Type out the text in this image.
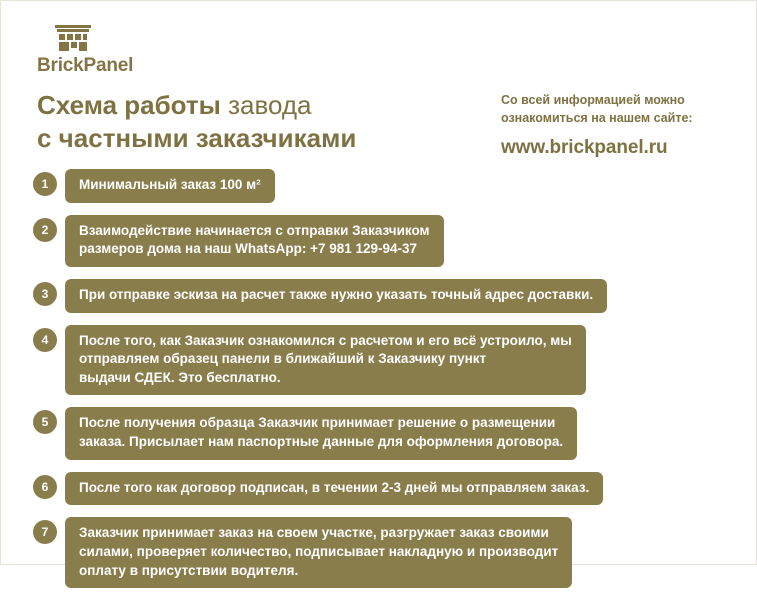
BrickPanel
Схема работы завода
с частными заказчиками
Со всей информацией можно
ознакомиться на нашем сайте:
www.brickpanel.ru
1	Минимальный заказ 100 м²

2	Взаимодействие начинается с отправки Заказчиком

размеров дома на наш WhatsApp: +7 981 129-94-37

3	При отправке эскиза на расчет также нужно указать точный адрес доставки.

4	После того, как Заказчик ознакомился с расчетом и его всё устроило, мы

отправляем образец панели в ближайший к Заказчику пункт

выдачи СДЕК. Это бесплатно.

5	После получения образца Заказчик принимает решение о размещении

заказа. Присылает нам паспортные данные для оформления договора.

6	После того как договор подписан, в течении 2-3 дней мы отправляем заказ.

7	Заказчик принимает заказ на своем участке, разгружает заказ своими

силами, проверяет количество, подписывает накладную и производит

оплату в присутствии водителя.
